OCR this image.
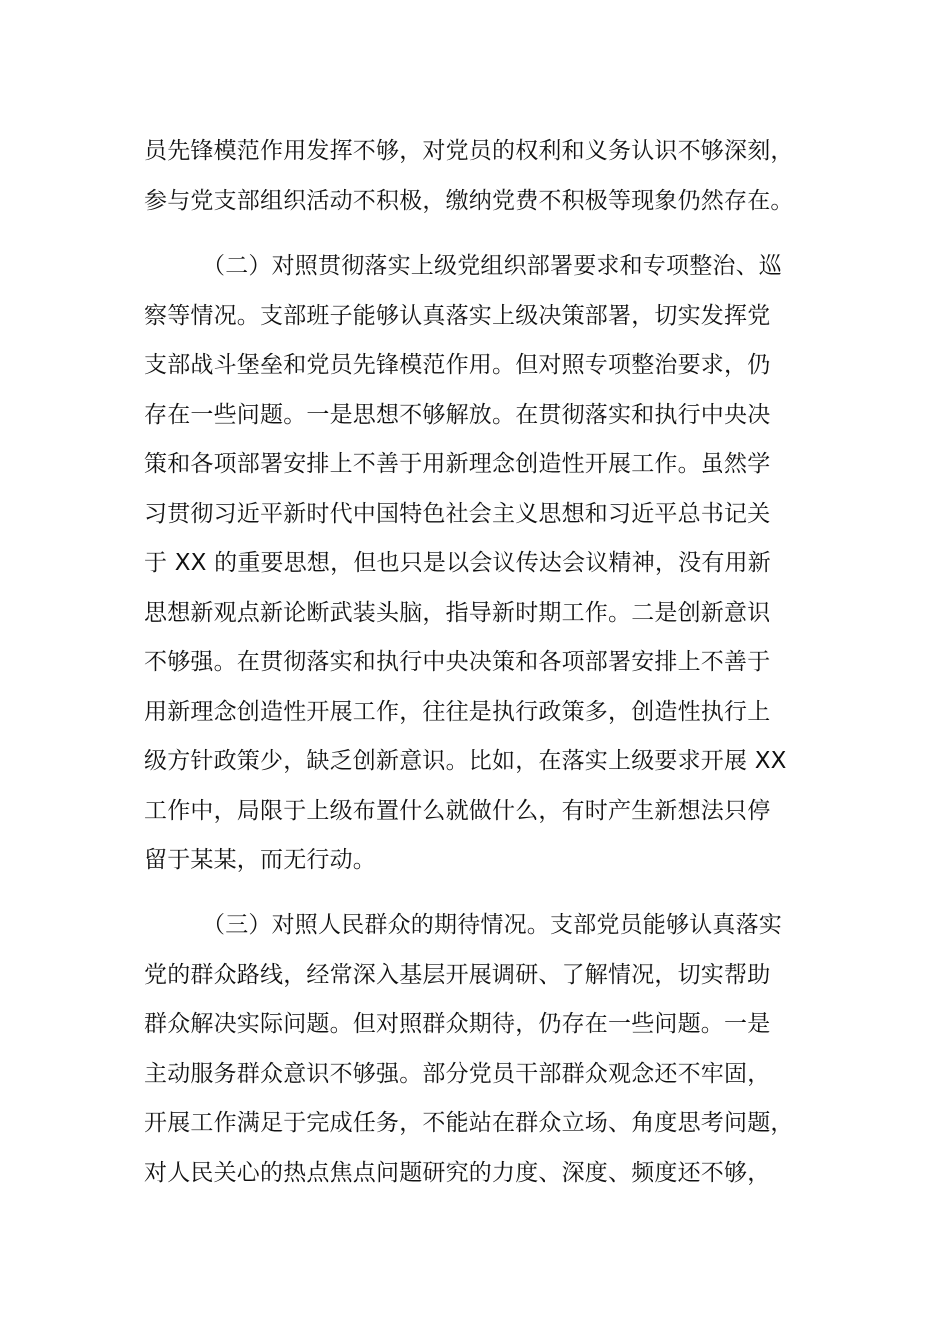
员先锋模范作用发挥不够，对党员的权利和义务认识不够深刻，
参与党支部组织活动不积极，缴纳党费不积极等现象仍然存在。
（二）对照贯彻落实上级党组织部署要求和专项整治、巡
察等情况。支部班子能够认真落实上级决策部署，切实发挥党
支部战斗堡垒和党员先锋模范作用。但对照专项整治要求，仍
存在一些问题。一是思想不够解放。在贯彻落实和执行中央决
策和各项部署安排上不善于用新理念创造性开展工作。虽然学
习贯彻习近平新时代中国特色社会主义思想和习近平总书记关
于 XX 的重要思想，但也只是以会议传达会议精神，没有用新
思想新观点新论断武装头脑，指导新时期工作。二是创新意识
不够强。在贯彻落实和执行中央决策和各项部署安排上不善于
用新理念创造性开展工作，往往是执行政策多，创造性执行上
级方针政策少，缺乏创新意识。比如，在落实上级要求开展 XX
工作中，局限于上级布置什么就做什么，有时产生新想法只停
留于某某，而无行动。
（三）对照人民群众的期待情况。支部党员能够认真落实
党的群众路线，经常深入基层开展调研、了解情况，切实帮助
群众解决实际问题。但对照群众期待，仍存在一些问题。一是
主动服务群众意识不够强。部分党员干部群众观念还不牢固，
开展工作满足于完成任务，不能站在群众立场、角度思考问题，
对人民关心的热点焦点问题研究的力度、深度、频度还不够，
